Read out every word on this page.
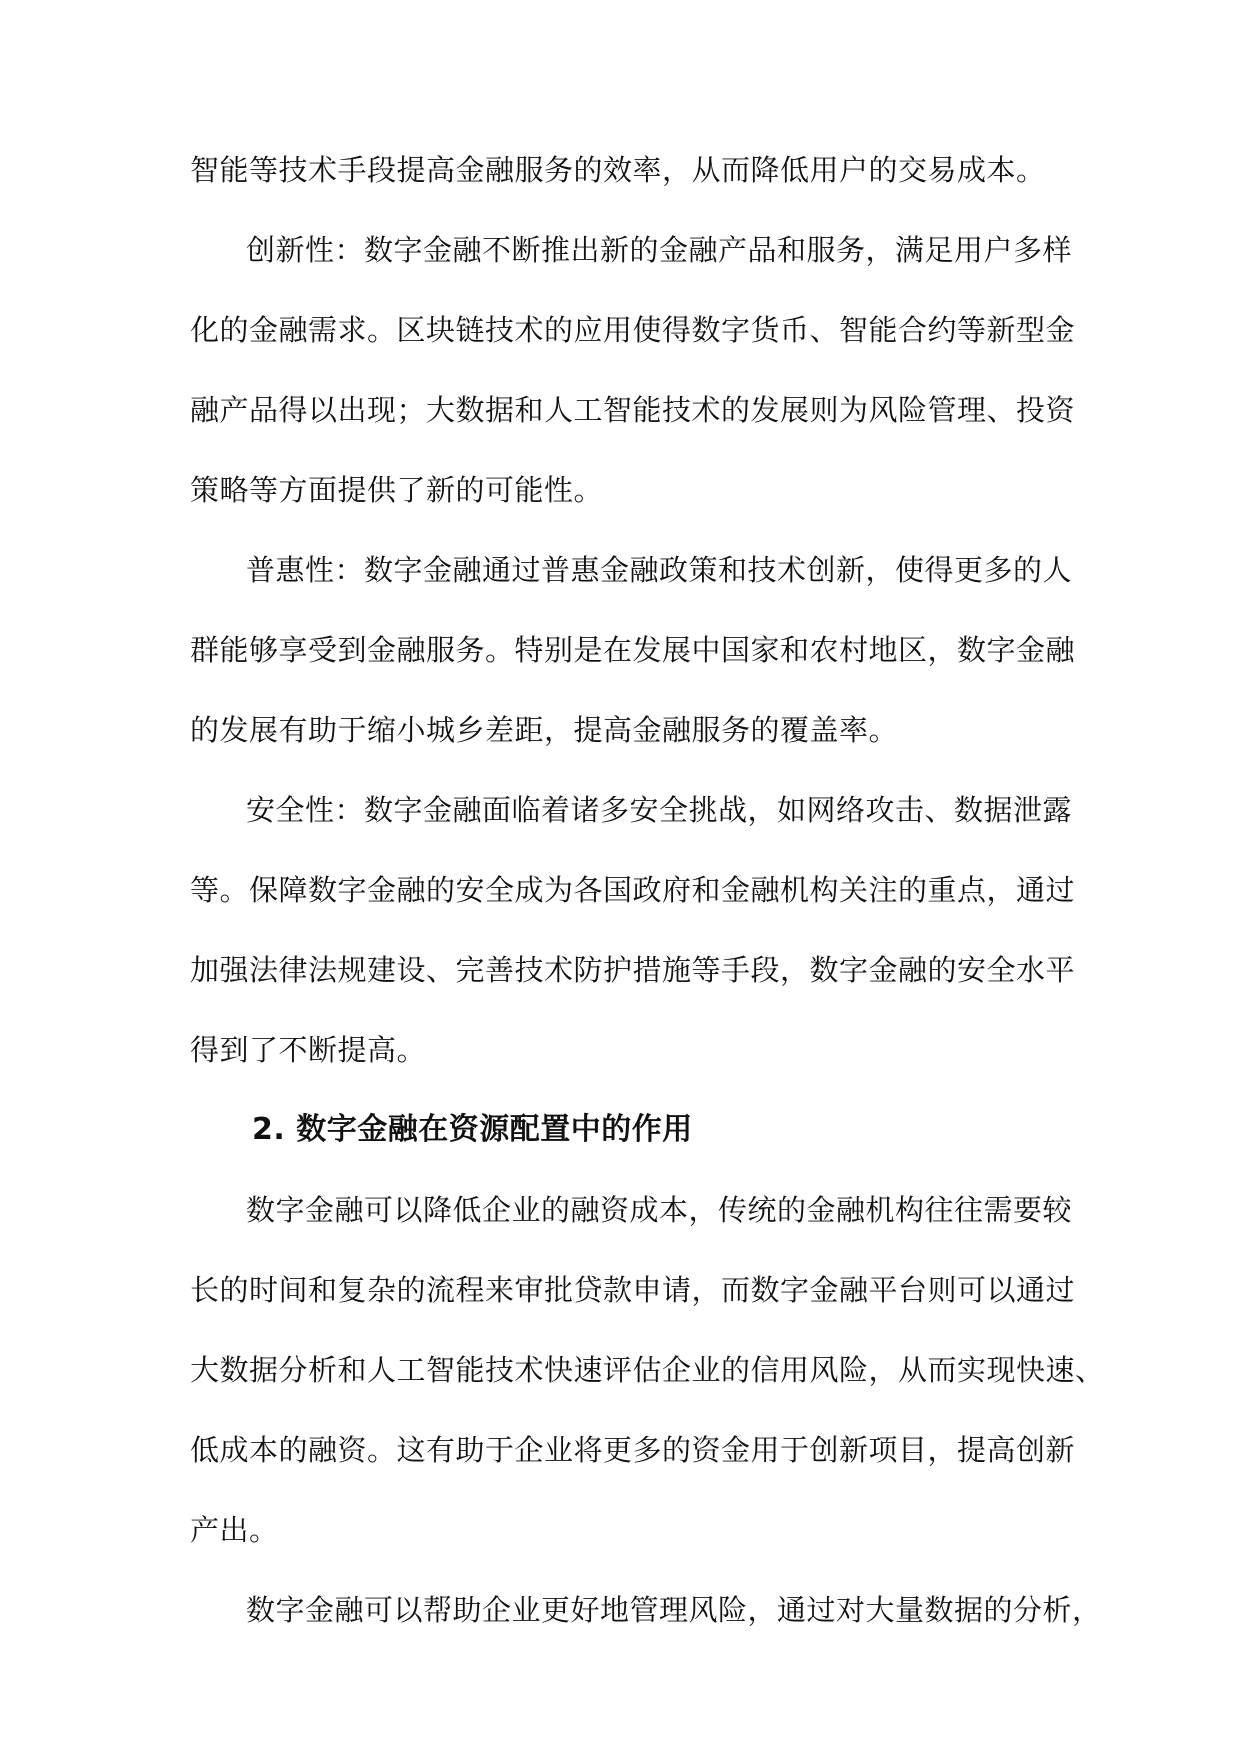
智能等技术手段提高金融服务的效率，从而降低用户的交易成本。
创新性：数字金融不断推出新的金融产品和服务，满足用户多样
化的金融需求。区块链技术的应用使得数字货币、智能合约等新型金
融产品得以出现；大数据和人工智能技术的发展则为风险管理、投资
策略等方面提供了新的可能性。
普惠性：数字金融通过普惠金融政策和技术创新，使得更多的人
群能够享受到金融服务。特别是在发展中国家和农村地区，数字金融
的发展有助于缩小城乡差距，提高金融服务的覆盖率。
安全性：数字金融面临着诸多安全挑战，如网络攻击、数据泄露
等。保障数字金融的安全成为各国政府和金融机构关注的重点，通过
加强法律法规建设、完善技术防护措施等手段，数字金融的安全水平
得到了不断提高。
2. 数字金融在资源配置中的作用
数字金融可以降低企业的融资成本，传统的金融机构往往需要较
长的时间和复杂的流程来审批贷款申请，而数字金融平台则可以通过
大数据分析和人工智能技术快速评估企业的信用风险，从而实现快速、
低成本的融资。这有助于企业将更多的资金用于创新项目，提高创新
产出。
数字金融可以帮助企业更好地管理风险，通过对大量数据的分析，
